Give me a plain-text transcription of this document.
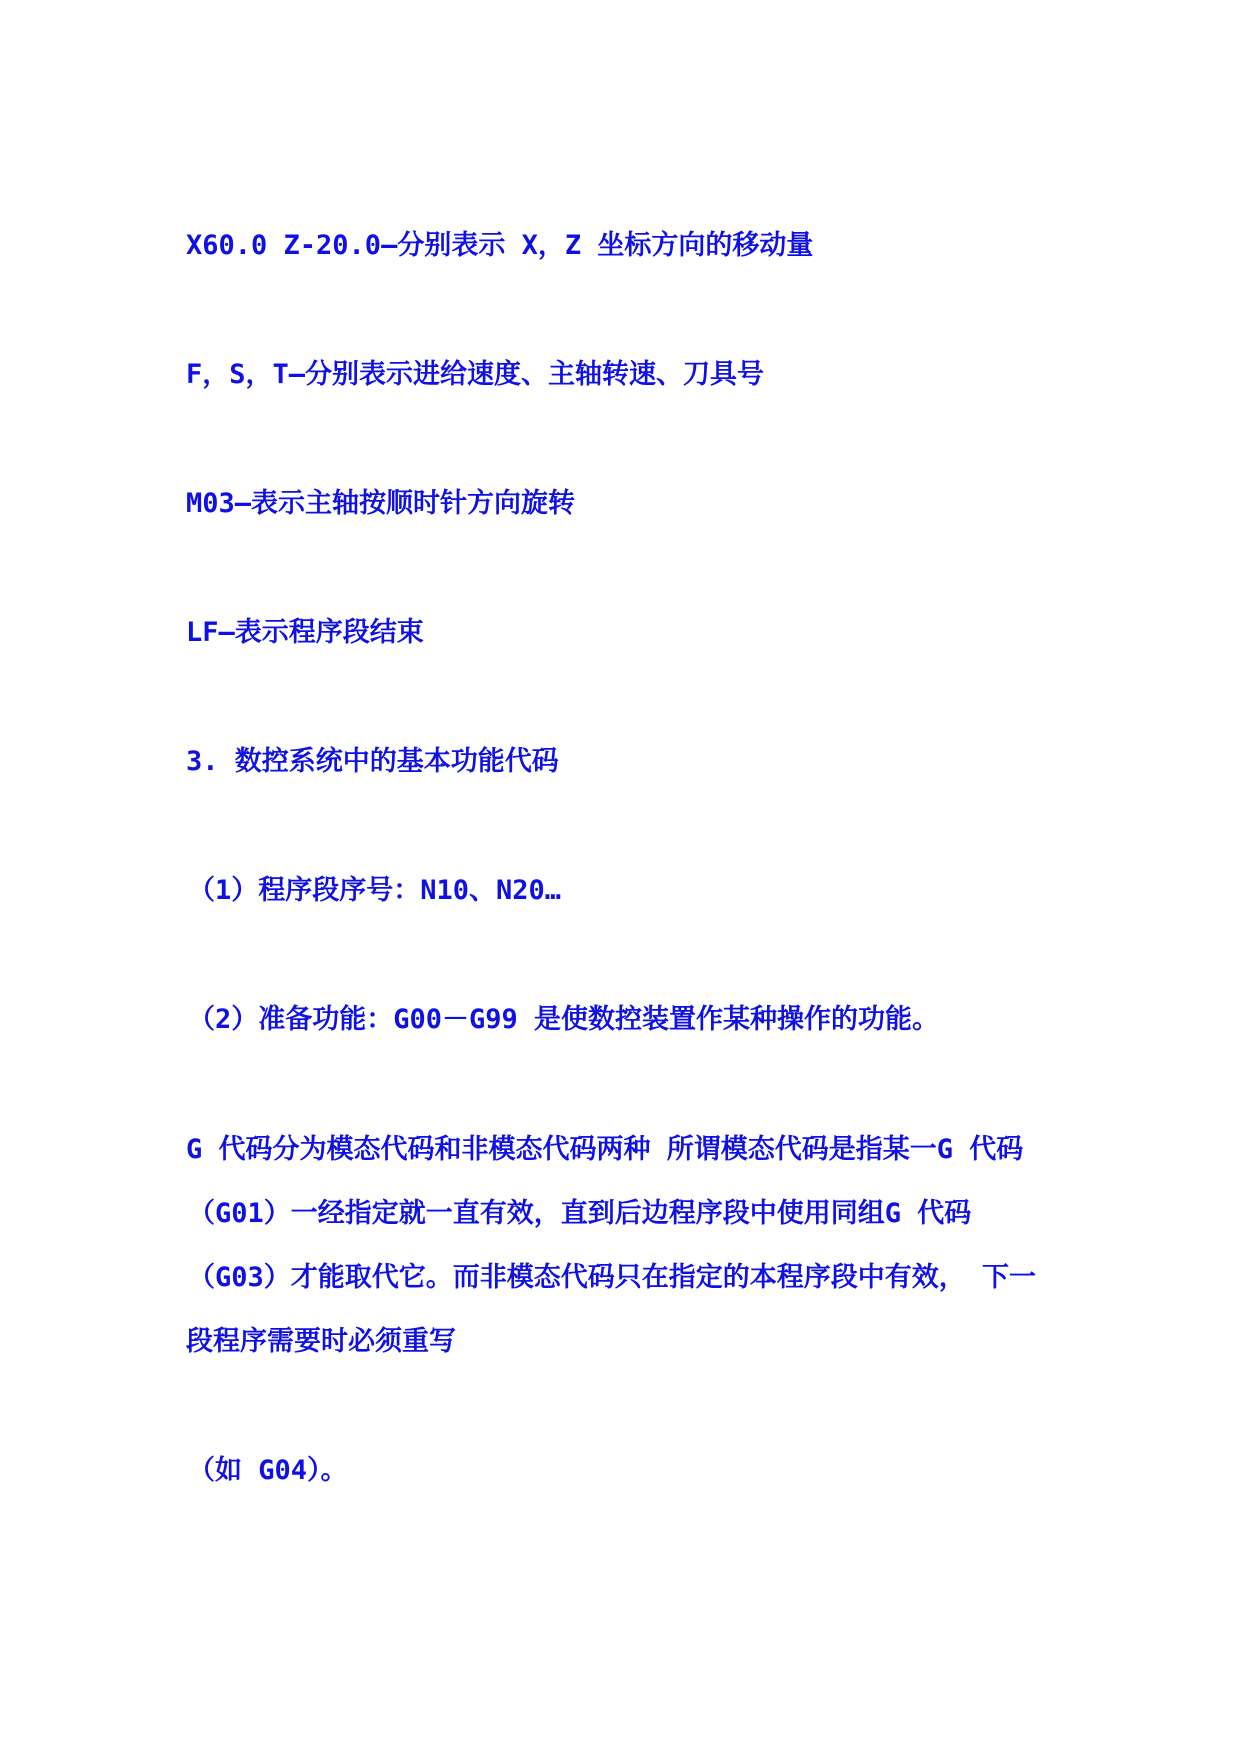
X60.0 Z-20.0—分别表示 X，Z 坐标方向的移动量

F，S，T—分别表示进给速度、主轴转速、刀具号

M03—表示主轴按顺时针方向旋转

LF—表示程序段结束

3. 数控系统中的基本功能代码

（1）程序段序号：N10、N20…

（2）准备功能：G00－G99 是使数控装置作某种操作的功能。

G 代码分为模态代码和非模态代码两种 所谓模态代码是指某一G 代码

（G01）一经指定就一直有效，直到后边程序段中使用同组G 代码

（G03）才能取代它。而非模态代码只在指定的本程序段中有效， 下一

段程序需要时必须重写

（如 G04）。
